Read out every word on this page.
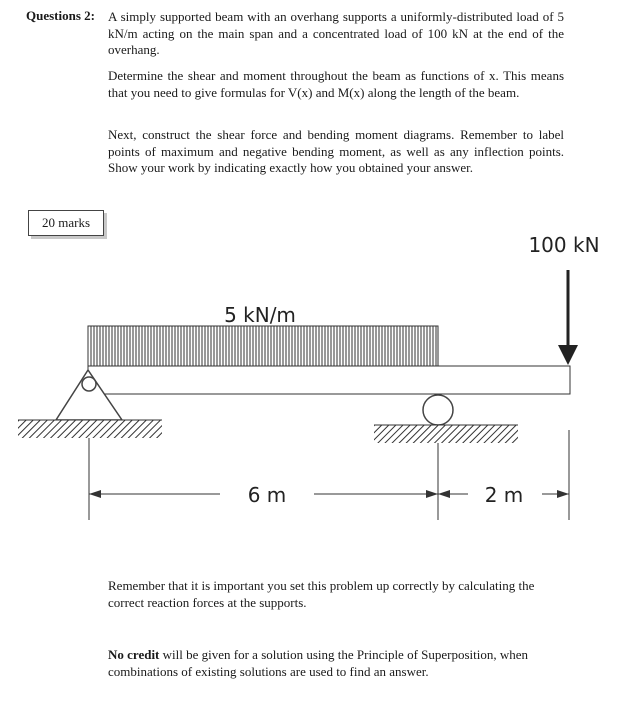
Questions 2: A simply supported beam with an overhang supports a uniformly-distributed load of 5 kN/m acting on the main span and a concentrated load of 100 kN at the end of the overhang.
Determine the shear and moment throughout the beam as functions of x. This means that you need to give formulas for V(x) and M(x) along the length of the beam.
Next, construct the shear force and bending moment diagrams. Remember to label points of maximum and negative bending moment, as well as any inflection points. Show your work by indicating exactly how you obtained your answer.
20 marks
5 kN/m
100 kN
6 m	2 m
Remember that it is important you set this problem up correctly by calculating the correct reaction forces at the supports.
No credit will be given for a solution using the Principle of Superposition, when combinations of existing solutions are used to find an answer.
